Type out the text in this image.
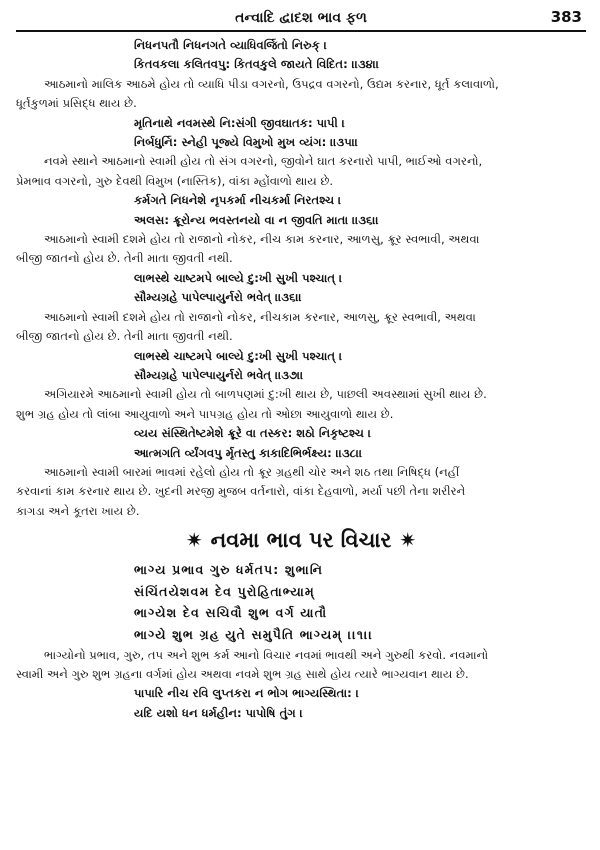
તન્વાદિ દ્વાદશ ભાવ ફળ	383
નિધનપતૌ નિધનગતે વ્યાધિવર્જિતો નિરુક્ ।
કિતવકલા કલિતવપુ: કિતવકુલે જાયતે વિદિત: ।।૩૪।।
આઠમાનો માલિક આઠમે હોય તો વ્યાધિ પીડા વગરનો, ઉપદ્રવ વગરનો, ઉદ્યમ કરનાર, ધૂર્ત કલાવાળો,
ધૂર્તકુળમાં પ્રસિદ્ધ થાય છે.
મૃતિનાથે નવમસ્થે નિ:સંગી જીવઘાતક: પાપી ।
નિર્બધુર્નિ: સ્નેહી પૂજ્યે વિમુખો મુખ વ્યંગ: ।।૩૫।।
નવમે સ્થાને આઠમાનો સ્વામી હોય તો સંગ વગરનો, જીવોને ઘાત કરનારો પાપી, ભાઈઓ વગરનો,
પ્રેમભાવ વગરનો, ગુરુ દેવથી વિમુખ (નાસ્તિક), વાંકા મ્હોંવાળો થાય છે.
કર્મગતે નિધનેશે નૃપકર્મા નીચકર્મા નિરતશ્ચ ।
અલસ: ક્રૂરોન્ય ભવસ્તનયો વા ન જીવતિ માતા ।।૩૬।।
આઠમાનો સ્વામી દશમે હોય તો રાજાનો નોકર, નીચ કામ કરનાર, આળસુ, ક્રૂર સ્વભાવી, અથવા
બીજી જાતનો હોય છે. તેની માતા જીવતી નથી.
લાભસ્થે ચાષ્ટમપે બાલ્યે દુ:ખી સુખી પશ્ચાત્ ।
સૌમ્યગ્રહે પાપેલ્પાયુર્નરો ભવેત્ ।।૩૬।।
આઠમાનો સ્વામી દશમે હોય તો રાજાનો નોકર, નીચકામ કરનાર, આળસુ, ક્રૂર સ્વભાવી, અથવા
બીજી જાતનો હોય છે. તેની માતા જીવતી નથી.
લાભસ્થે ચાષ્ટમપે બાલ્યે દુ:ખી સુખી પશ્ચાત્ ।
સૌમ્યગ્રહે પાપેલ્પાયુર્નરો ભવેત્ ।।૩૭।।
અગિયારમે આઠમાનો સ્વામી હોય તો બાળપણમાં દુ:ખી થાય છે, પાછલી અવસ્થામાં સુખી થાય છે.
શુભ ગ્રહ હોય તો લાંબા આયુવાળો અને પાપગ્રહ હોય તો ઓછા આયુવાળો થાય છે.
વ્યય સંસ્થિતેષ્ટમેશે ક્રૂરે વા તસ્કર: શઠો નિકૃષ્ટશ્ચ ।
આત્મગતિ ર્વ્યંગવપુ ર્મૃતસ્તુ કાકાદિભિર્ભક્ષ્ય: ।।૩૮।।
આઠમાનો સ્વામી બારમાં ભાવમાં રહેલો હોય તો ક્રૂર ગ્રહથી ચોર અને શઠ તથા નિષિદ્ધ (નહીં
કરવાનાં કામ કરનાર થાય છે. ખુદની મરજી મુજબ વર્તનારો, વાંકા દેહવાળો, મર્યા પછી તેના શરીરને
કાગડા અને કૂતરા ખાય છે.
✷ નવમા ભાવ પર વિચાર ✷
ભાગ્ય પ્રભાવ ગુરુ ધર્મતપ: શુભાનિ
સંચિંતયેશવમ દેવ પુરોહિતાભ્યામ્
ભાગ્યેશ દેવ સચિવૌ શુભ વર્ગ યાતૌ
ભાગ્યે શુભ ગ્રહ યુતે સમુપૈતિ ભાગ્યમ્ ।।૧।।
ભાગ્યોનો પ્રભાવ, ગુરુ, તપ અને શુભ કર્મ આનો વિચાર નવમાં ભાવથી અને ગુરુથી કરવો. નવમાનો
સ્વામી અને ગુરુ શુભ ગ્રહના વર્ગમાં હોય અથવા નવમે શુભ ગ્રહ સાથે હોય ત્યારે ભાગ્યવાન થાય છે.
પાપારિ નીચ રવિ લુપ્તકરા ન ભોગ ભાગ્યસ્થિતા: ।
યદિ યશો ધન ધર્મહીન: પાપોષિ તુંગ ।
